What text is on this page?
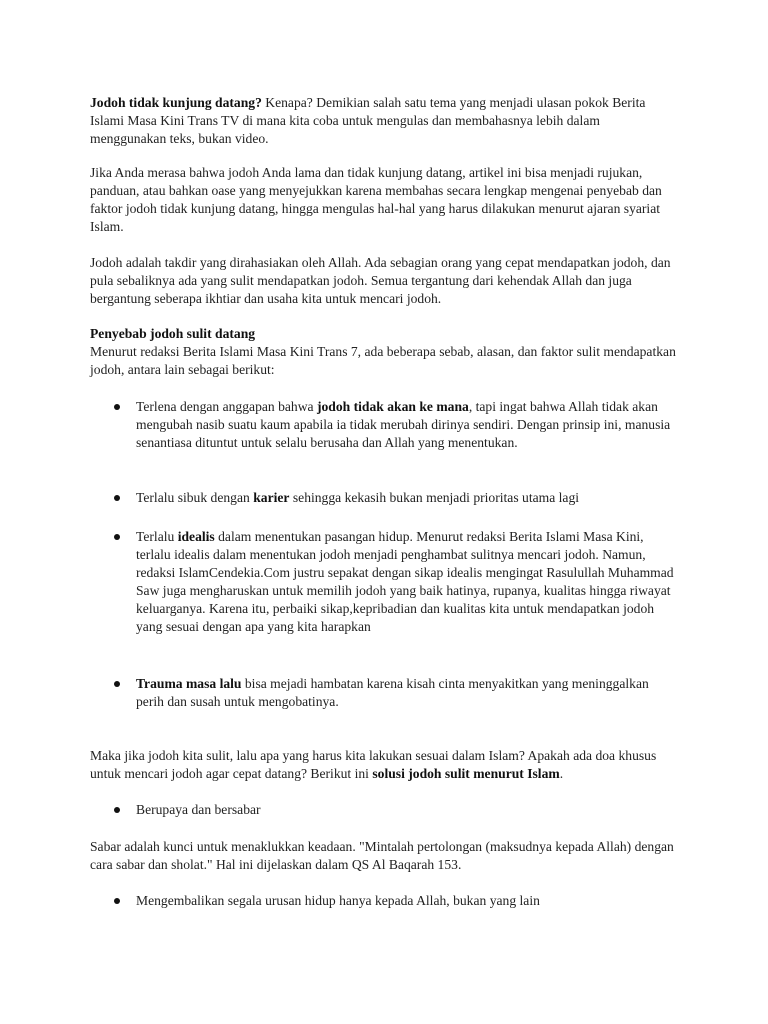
Jodoh tidak kunjung datang? Kenapa? Demikian salah satu tema yang menjadi ulasan pokok Berita Islami Masa Kini Trans TV di mana kita coba untuk mengulas dan membahasnya lebih dalam menggunakan teks, bukan video.

Jika Anda merasa bahwa jodoh Anda lama dan tidak kunjung datang, artikel ini bisa menjadi rujukan, panduan, atau bahkan oase yang menyejukkan karena membahas secara lengkap mengenai penyebab dan faktor jodoh tidak kunjung datang, hingga mengulas hal-hal yang harus dilakukan menurut ajaran syariat Islam.

Jodoh adalah takdir yang dirahasiakan oleh Allah. Ada sebagian orang yang cepat mendapatkan jodoh, dan pula sebaliknya ada yang sulit mendapatkan jodoh. Semua tergantung dari kehendak Allah dan juga bergantung seberapa ikhtiar dan usaha kita untuk mencari jodoh.

Penyebab jodoh sulit datang

Menurut redaksi Berita Islami Masa Kini Trans 7, ada beberapa sebab, alasan, dan faktor sulit mendapatkan jodoh, antara lain sebagai berikut:

Terlena dengan anggapan bahwa jodoh tidak akan ke mana, tapi ingat bahwa Allah tidak akan mengubah nasib suatu kaum apabila ia tidak merubah dirinya sendiri. Dengan prinsip ini, manusia senantiasa dituntut untuk selalu berusaha dan Allah yang menentukan.

Terlalu sibuk dengan karier sehingga kekasih bukan menjadi prioritas utama lagi

Terlalu idealis dalam menentukan pasangan hidup. Menurut redaksi Berita Islami Masa Kini, terlalu idealis dalam menentukan jodoh menjadi penghambat sulitnya mencari jodoh. Namun, redaksi IslamCendekia.Com justru sepakat dengan sikap idealis mengingat Rasulullah Muhammad Saw juga mengharuskan untuk memilih jodoh yang baik hatinya, rupanya, kualitas hingga riwayat keluarganya. Karena itu, perbaiki sikap,kepribadian dan kualitas kita untuk mendapatkan jodoh yang sesuai dengan apa yang kita harapkan

Trauma masa lalu bisa mejadi hambatan karena kisah cinta menyakitkan yang meninggalkan perih dan susah untuk mengobatinya.

Maka jika jodoh kita sulit, lalu apa yang harus kita lakukan sesuai dalam Islam? Apakah ada doa khusus untuk mencari jodoh agar cepat datang? Berikut ini solusi jodoh sulit menurut Islam.

Berupaya dan bersabar

Sabar adalah kunci untuk menaklukkan keadaan. "Mintalah pertolongan (maksudnya kepada Allah) dengan cara sabar dan sholat." Hal ini dijelaskan dalam QS Al Baqarah 153.

Mengembalikan segala urusan hidup hanya kepada Allah, bukan yang lain
